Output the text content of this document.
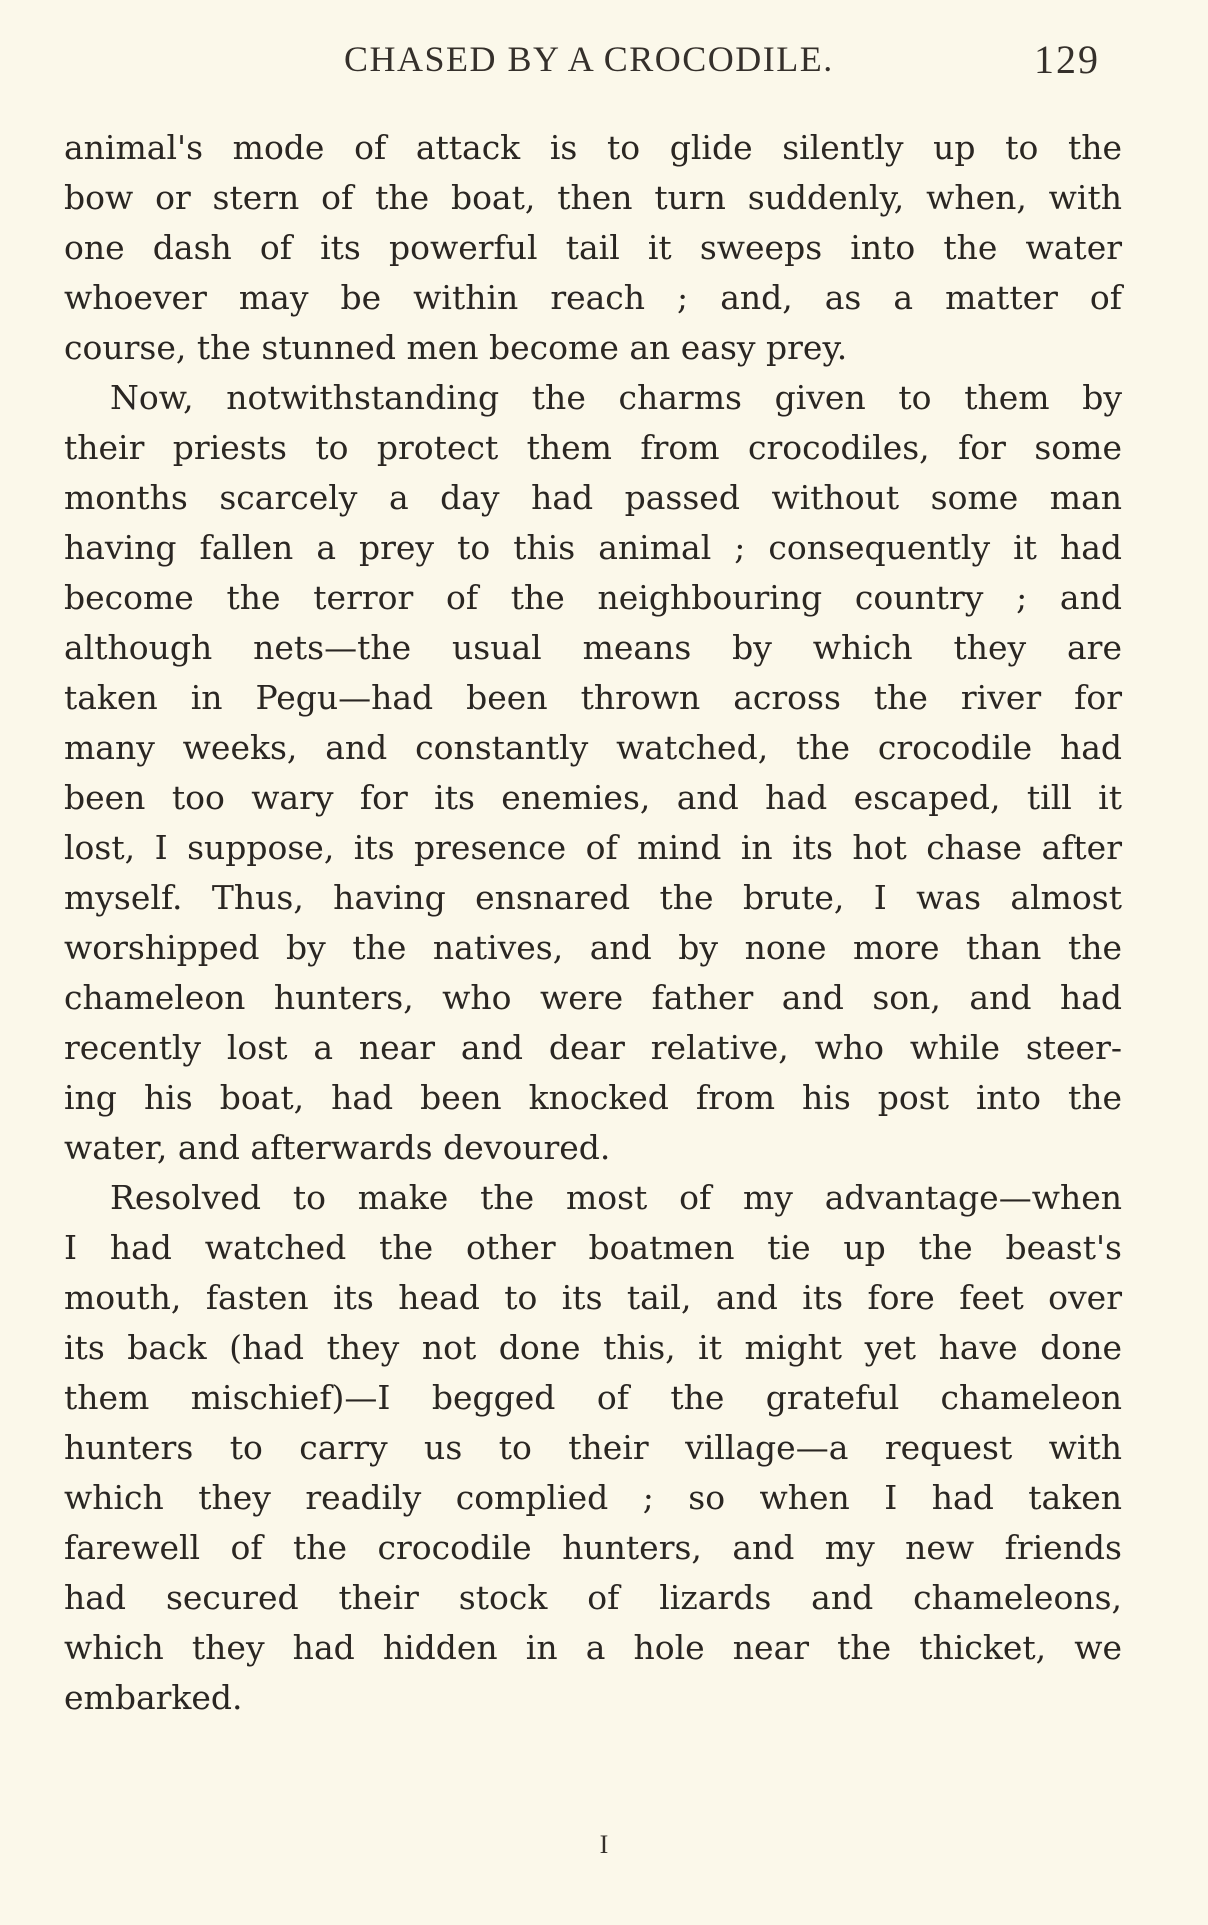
CHASED BY A CROCODILE.	129
animal's mode of attack is to glide silently up to the
bow or stern of the boat, then turn suddenly, when, with
one dash of its powerful tail it sweeps into the water
whoever may be within reach ; and, as a matter of
course, the stunned men become an easy prey.
Now, notwithstanding the charms given to them by
their priests to protect them from crocodiles, for some
months scarcely a day had passed without some man
having fallen a prey to this animal ; consequently it had
become the terror of the neighbouring country ; and
although nets—the usual means by which they are
taken in Pegu—had been thrown across the river for
many weeks, and constantly watched, the crocodile had
been too wary for its enemies, and had escaped, till it
lost, I suppose, its presence of mind in its hot chase after
myself. Thus, having ensnared the brute, I was almost
worshipped by the natives, and by none more than the
chameleon hunters, who were father and son, and had
recently lost a near and dear relative, who while steer-
ing his boat, had been knocked from his post into the
water, and afterwards devoured.
Resolved to make the most of my advantage—when
I had watched the other boatmen tie up the beast's
mouth, fasten its head to its tail, and its fore feet over
its back (had they not done this, it might yet have done
them mischief)—I begged of the grateful chameleon
hunters to carry us to their village—a request with
which they readily complied ; so when I had taken
farewell of the crocodile hunters, and my new friends
had secured their stock of lizards and chameleons,
which they had hidden in a hole near the thicket, we
embarked.
I
